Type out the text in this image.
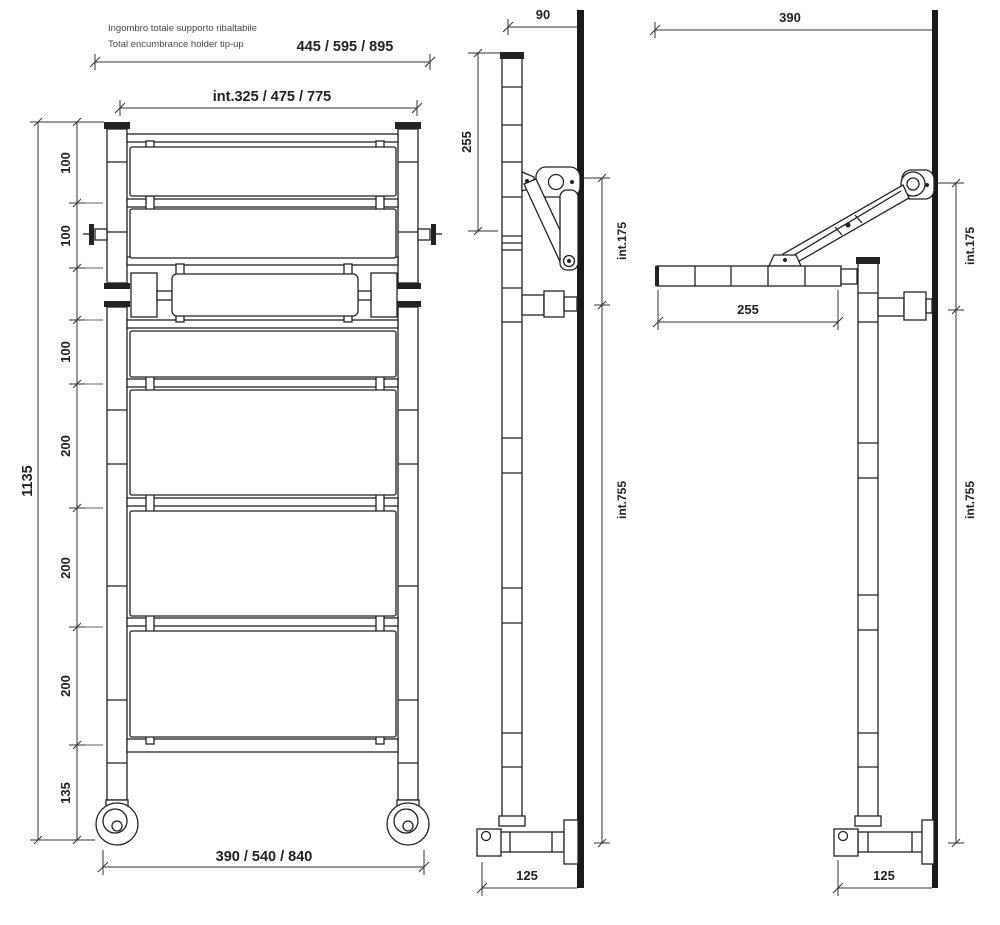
Ingombro totale supporto ribaltabile
Total encumbrance holder tip-up	445 / 595 / 895
int.325 / 475 / 775
390 / 540 / 840
100
100
100
200
200
200
135
1135
90
255
int.175
int.755
125
390
255
int.175
int.755
125
